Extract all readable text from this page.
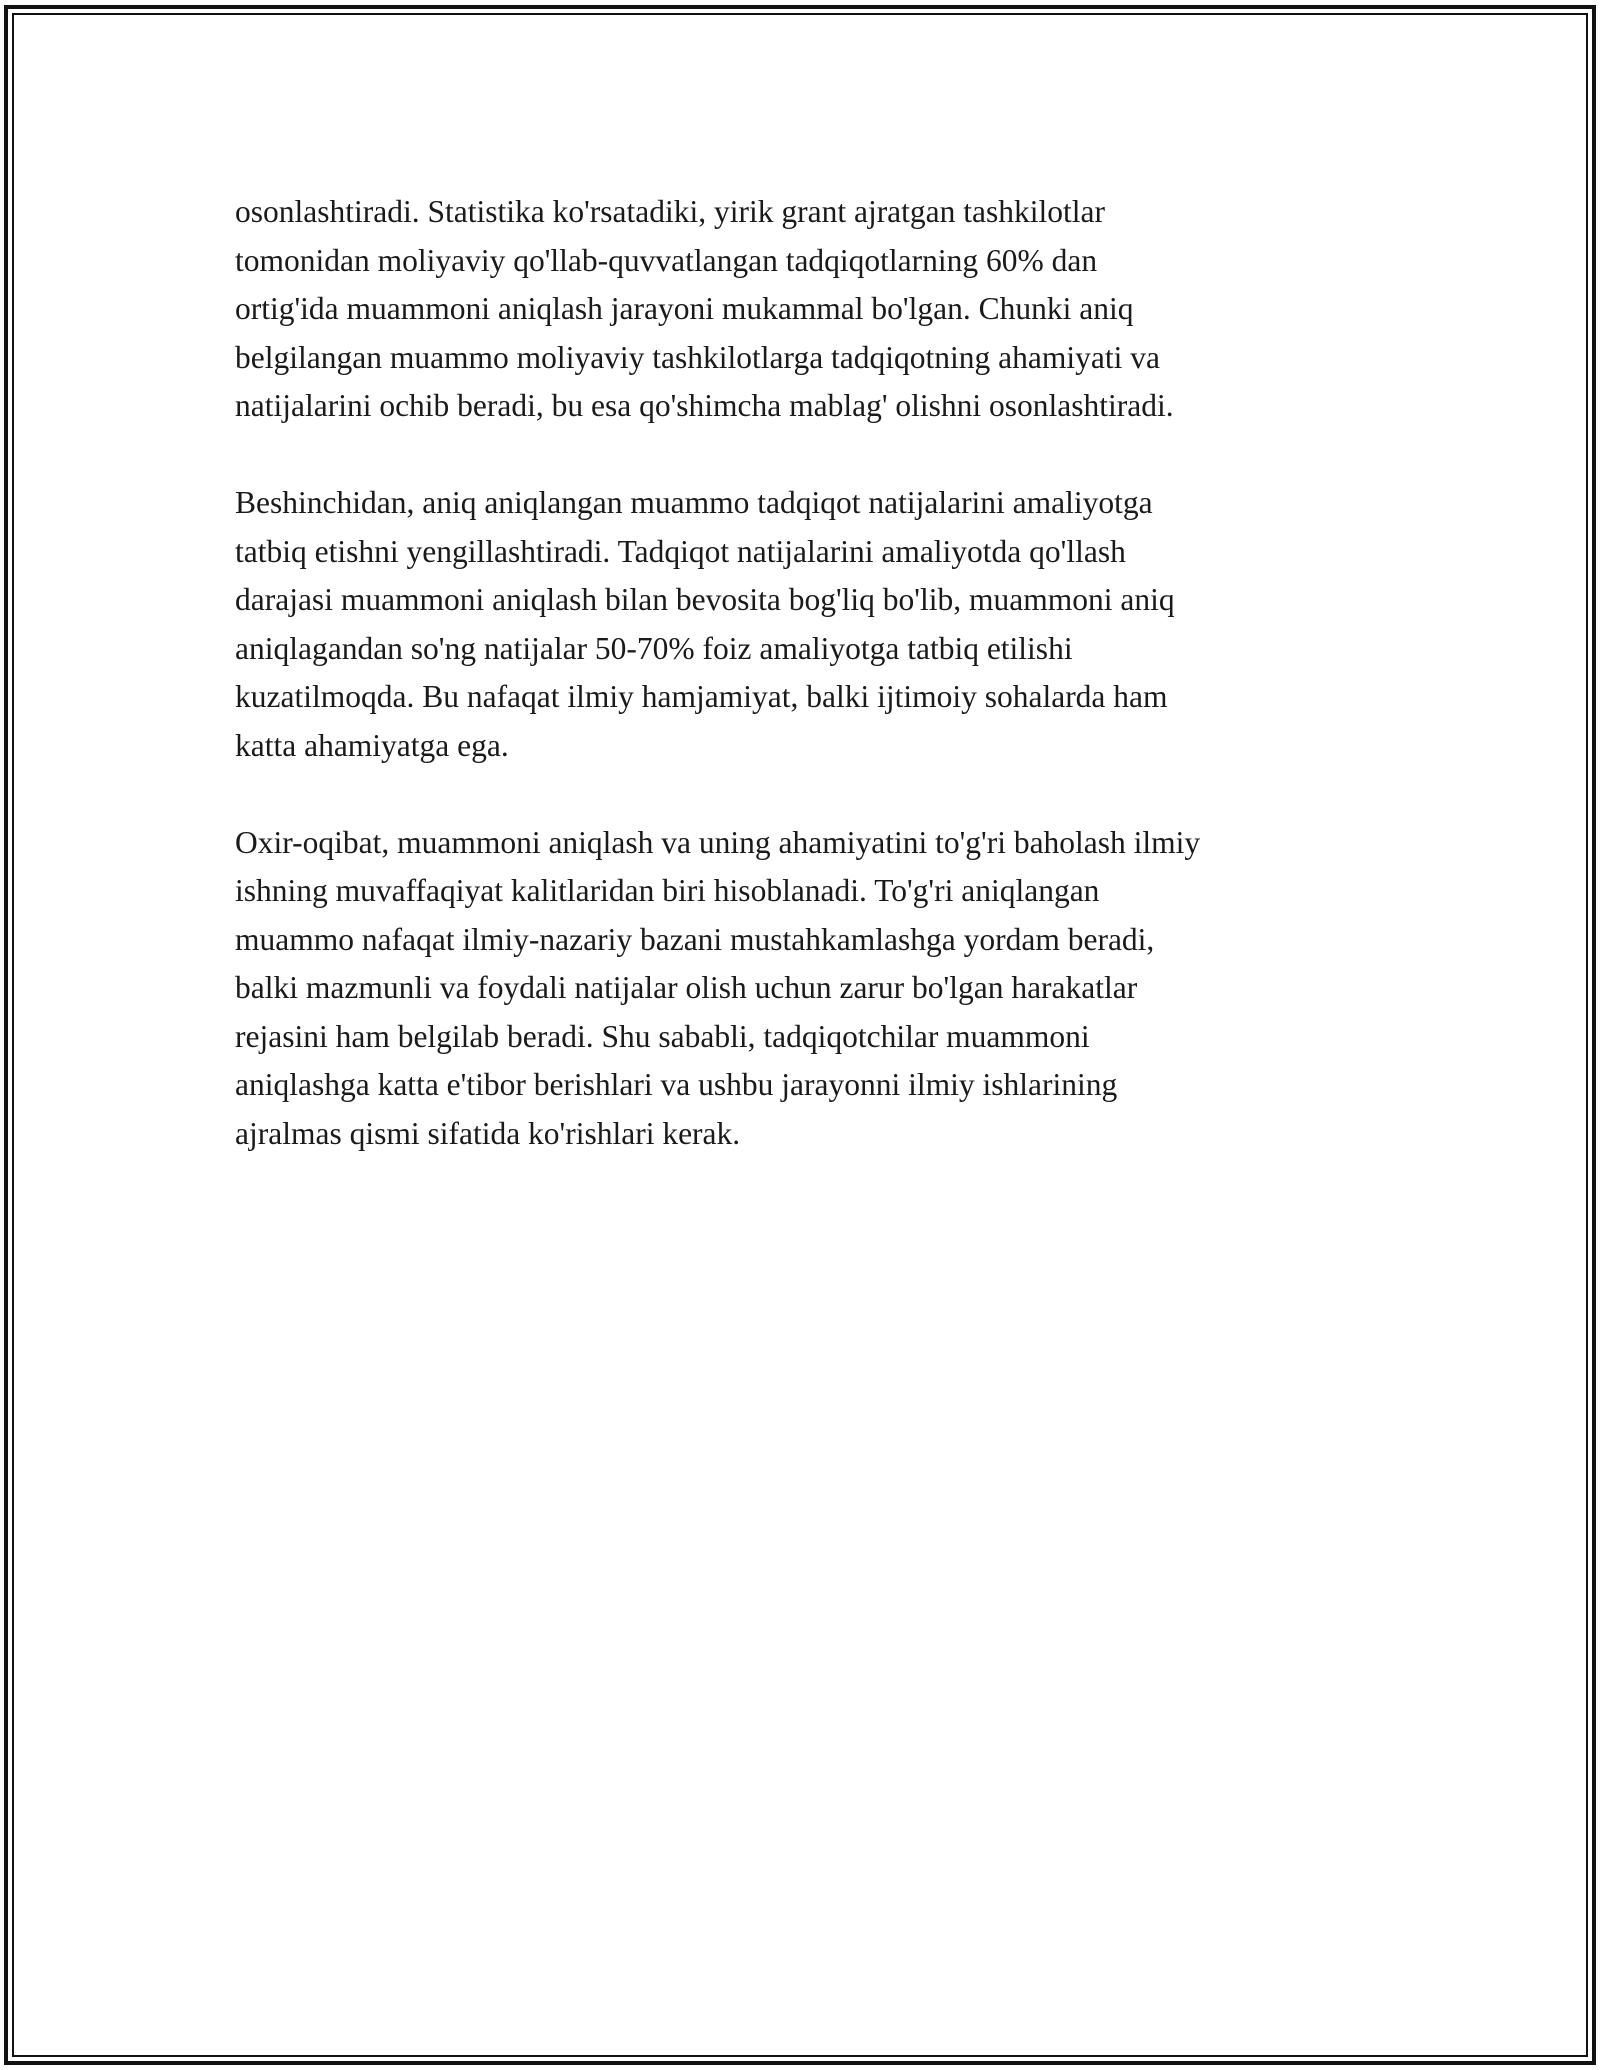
osonlashtiradi. Statistika ko'rsatadiki, yirik grant ajratgan tashkilotlar
tomonidan moliyaviy qo'llab-quvvatlangan tadqiqotlarning 60% dan
ortig'ida muammoni aniqlash jarayoni mukammal bo'lgan. Chunki aniq
belgilangan muammo moliyaviy tashkilotlarga tadqiqotning ahamiyati va
natijalarini ochib beradi, bu esa qo'shimcha mablag' olishni osonlashtiradi.

Beshinchidan, aniq aniqlangan muammo tadqiqot natijalarini amaliyotga
tatbiq etishni yengillashtiradi. Tadqiqot natijalarini amaliyotda qo'llash
darajasi muammoni aniqlash bilan bevosita bog'liq bo'lib, muammoni aniq
aniqlagandan so'ng natijalar 50-70% foiz amaliyotga tatbiq etilishi
kuzatilmoqda. Bu nafaqat ilmiy hamjamiyat, balki ijtimoiy sohalarda ham
katta ahamiyatga ega.

Oxir-oqibat, muammoni aniqlash va uning ahamiyatini to'g'ri baholash ilmiy
ishning muvaffaqiyat kalitlaridan biri hisoblanadi. To'g'ri aniqlangan
muammo nafaqat ilmiy-nazariy bazani mustahkamlashga yordam beradi,
balki mazmunli va foydali natijalar olish uchun zarur bo'lgan harakatlar
rejasini ham belgilab beradi. Shu sababli, tadqiqotchilar muammoni
aniqlashga katta e'tibor berishlari va ushbu jarayonni ilmiy ishlarining
ajralmas qismi sifatida ko'rishlari kerak.
